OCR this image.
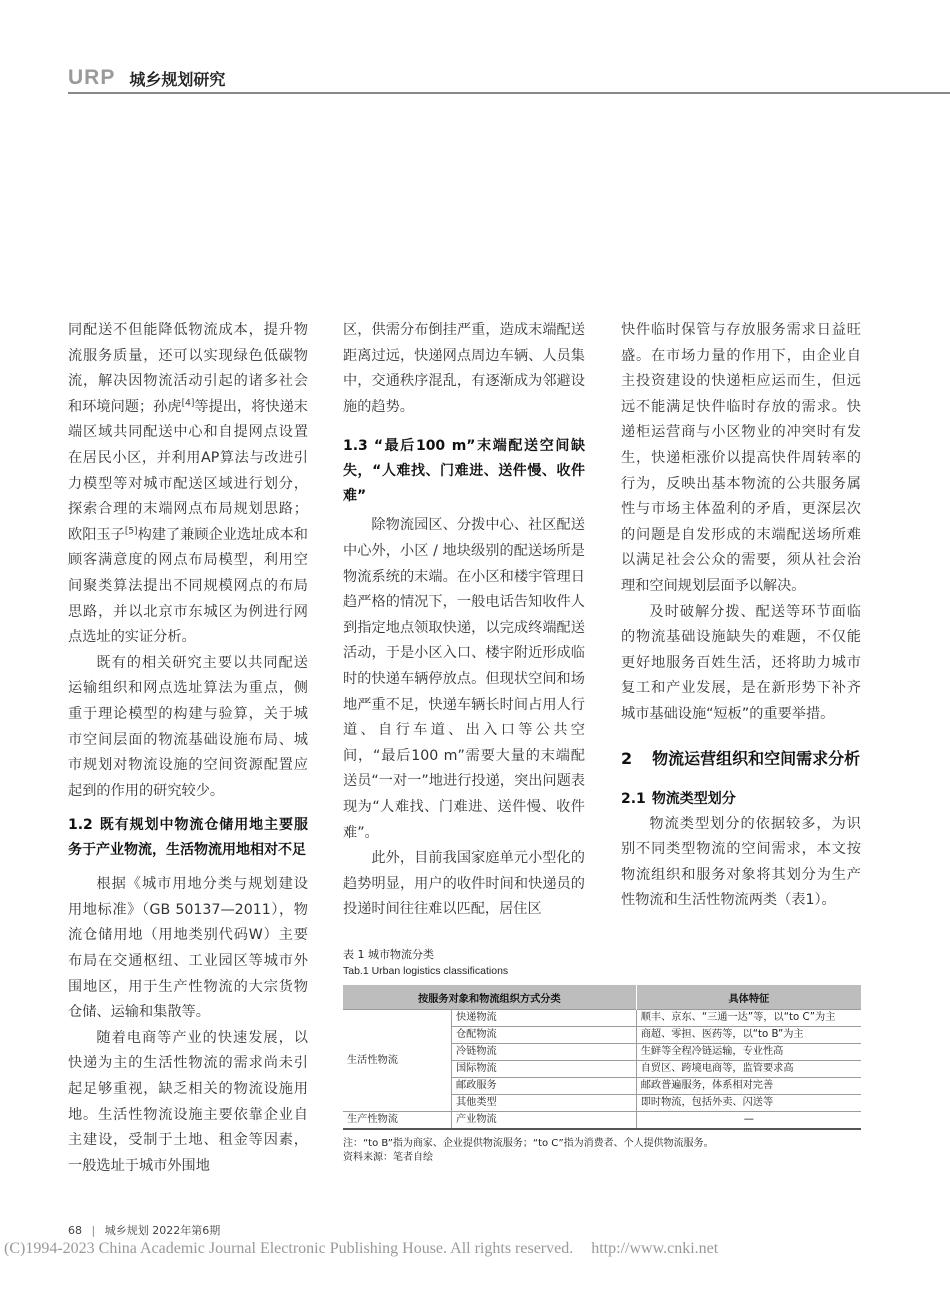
URP 城乡规划研究

同配送不但能降低物流成本，提升物流服务质量，还可以实现绿色低碳物流，解决因物流活动引起的诸多社会和环境问题；孙虎[4]等提出，将快递末端区域共同配送中心和自提网点设置在居民小区，并利用AP算法与改进引力模型等对城市配送区域进行划分，探索合理的末端网点布局规划思路；欧阳玉子[5]构建了兼顾企业选址成本和顾客满意度的网点布局模型，利用空间聚类算法提出不同规模网点的布局思路，并以北京市东城区为例进行网点选址的实证分析。

既有的相关研究主要以共同配送运输组织和网点选址算法为重点，侧重于理论模型的构建与验算，关于城市空间层面的物流基础设施布局、城市规划对物流设施的空间资源配置应起到的作用的研究较少。

1.2 既有规划中物流仓储用地主要服务于产业物流，生活物流用地相对不足

根据《城市用地分类与规划建设用地标准》（GB 50137—2011），物流仓储用地（用地类别代码W）主要布局在交通枢纽、工业园区等城市外围地区，用于生产性物流的大宗货物仓储、运输和集散等。

随着电商等产业的快速发展，以快递为主的生活性物流的需求尚未引起足够重视，缺乏相关的物流设施用地。生活性物流设施主要依靠企业自主建设，受制于土地、租金等因素，一般选址于城市外围地

区，供需分布倒挂严重，造成末端配送距离过远，快递网点周边车辆、人员集中，交通秩序混乱，有逐渐成为邻避设施的趋势。

1.3 “最后100 m”末端配送空间缺失，“人难找、门难进、送件慢、收件难”

除物流园区、分拨中心、社区配送中心外，小区 / 地块级别的配送场所是物流系统的末端。在小区和楼宇管理日趋严格的情况下，一般电话告知收件人到指定地点领取快递，以完成终端配送活动，于是小区入口、楼宇附近形成临时的快递车辆停放点。但现状空间和场地严重不足，快递车辆长时间占用人行道、自行车道、出入口等公共空间，“最后100 m”需要大量的末端配送员“一对一”地进行投递，突出问题表现为“人难找、门难进、送件慢、收件难”。

此外，目前我国家庭单元小型化的趋势明显，用户的收件时间和快递员的投递时间往往难以匹配，居住区

快件临时保管与存放服务需求日益旺盛。在市场力量的作用下，由企业自主投资建设的快递柜应运而生，但远远不能满足快件临时存放的需求。快递柜运营商与小区物业的冲突时有发生，快递柜涨价以提高快件周转率的行为，反映出基本物流的公共服务属性与市场主体盈利的矛盾，更深层次的问题是自发形成的末端配送场所难以满足社会公众的需要，须从社会治理和空间规划层面予以解决。

及时破解分拨、配送等环节面临的物流基础设施缺失的难题，不仅能更好地服务百姓生活，还将助力城市复工和产业发展，是在新形势下补齐城市基础设施“短板”的重要举措。

2 物流运营组织和空间需求分析
2.1 物流类型划分

物流类型划分的依据较多，为识别不同类型物流的空间需求，本文按物流组织和服务对象将其划分为生产性物流和生活性物流两类（表1）。

表 1 城市物流分类
Tab.1 Urban logistics classifications
按服务对象和物流组织方式分类		具体特征
生活性物流	快递物流	顺丰、京东、“三通一达”等，以“to C”为主
	仓配物流	商超、零担、医药等，以“to B”为主
	冷链物流	生鲜等全程冷链运输，专业性高
	国际物流	自贸区、跨境电商等，监管要求高
	邮政服务	邮政普遍服务，体系相对完善
	其他类型	即时物流，包括外卖、闪送等
生产性物流	产业物流	—
注：“to B”指为商家、企业提供物流服务；“to C”指为消费者、个人提供物流服务。
资料来源：笔者自绘
68 | 城乡规划 2022年第6期
(C)1994-2023 China Academic Journal Electronic Publishing House. All rights reserved. http://www.cnki.net
